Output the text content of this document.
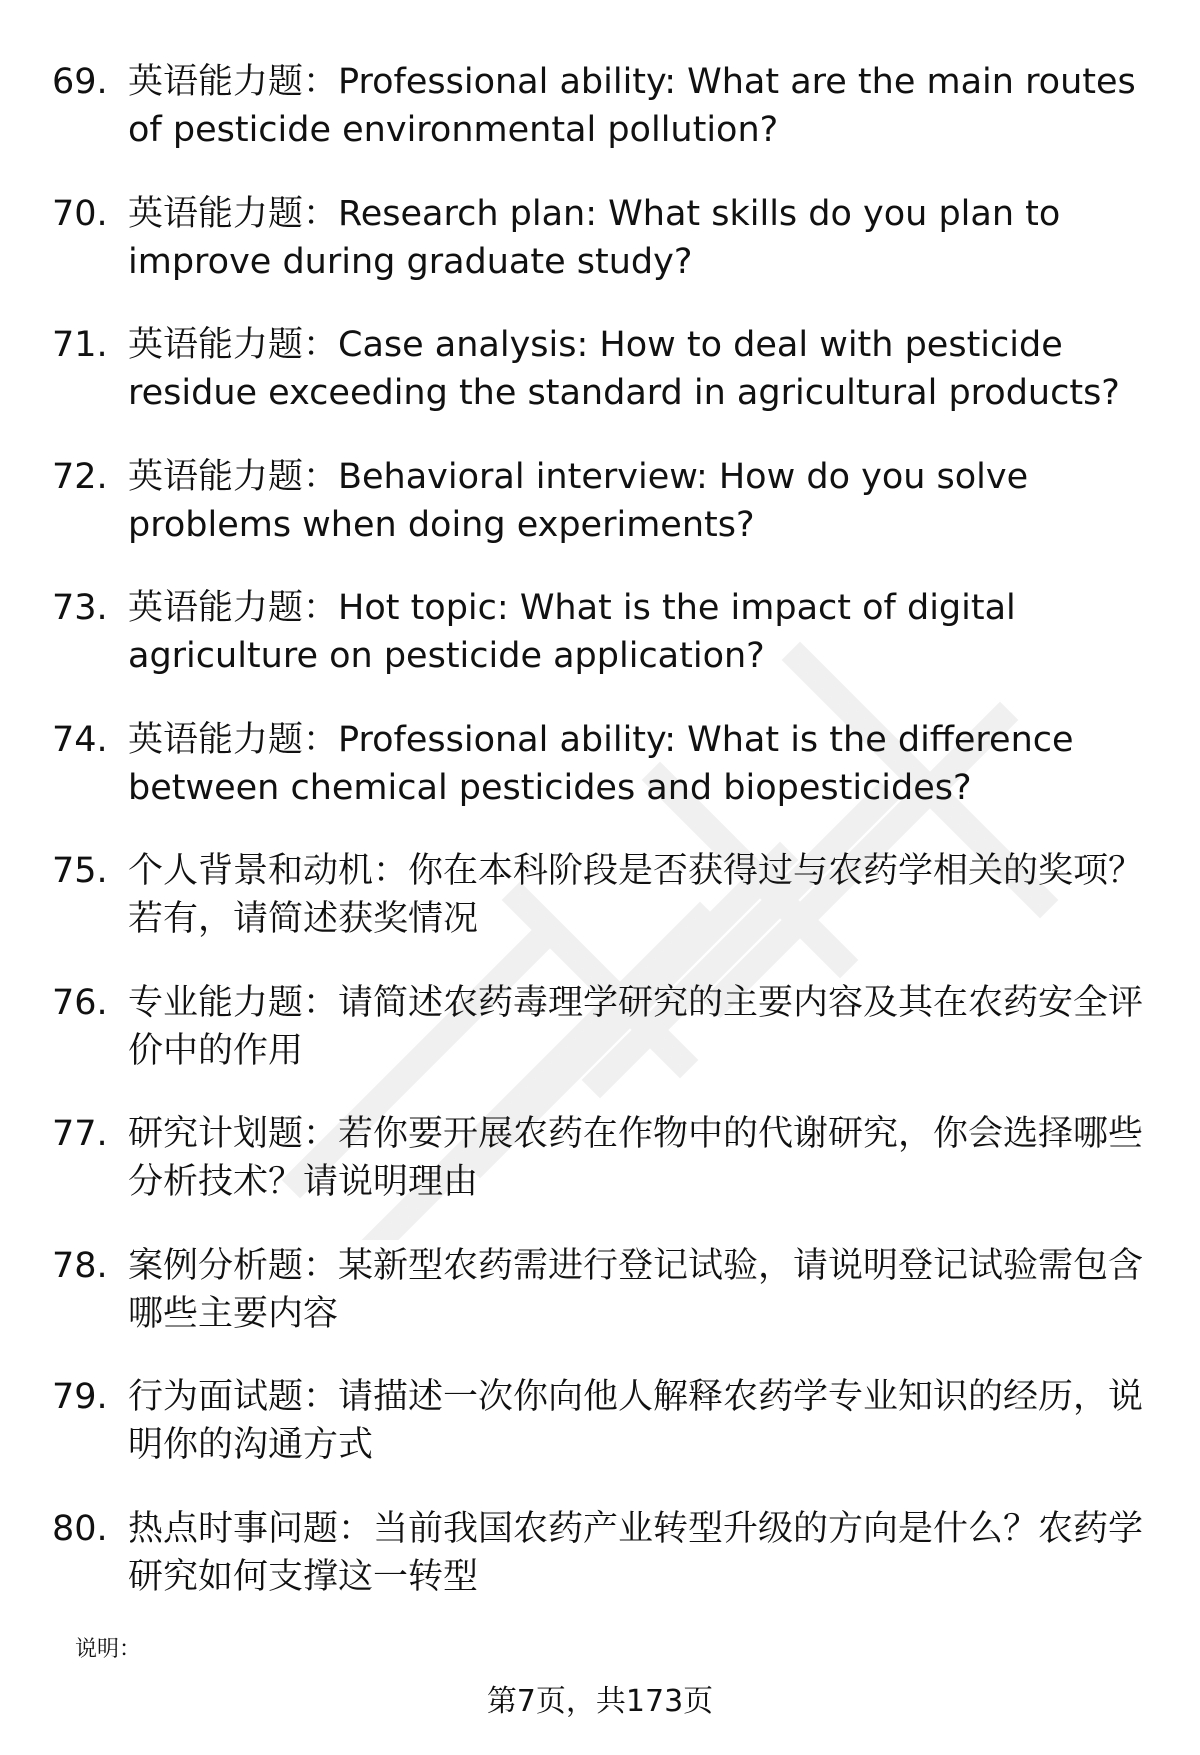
69. 英语能力题：Professional ability: What are the main routes of pesticide environmental pollution?
70. 英语能力题：Research plan: What skills do you plan to improve during graduate study?
71. 英语能力题：Case analysis: How to deal with pesticide residue exceeding the standard in agricultural products?
72. 英语能力题：Behavioral interview: How do you solve problems when doing experiments?
73. 英语能力题：Hot topic: What is the impact of digital agriculture on pesticide application?
74. 英语能力题：Professional ability: What is the difference between chemical pesticides and biopesticides?
75. 个人背景和动机：你在本科阶段是否获得过与农药学相关的奖项？若有，请简述获奖情况
76. 专业能力题：请简述农药毒理学研究的主要内容及其在农药安全评价中的作用
77. 研究计划题：若你要开展农药在作物中的代谢研究，你会选择哪些分析技术？请说明理由
78. 案例分析题：某新型农药需进行登记试验，请说明登记试验需包含哪些主要内容
79. 行为面试题：请描述一次你向他人解释农药学专业知识的经历，说明你的沟通方式
80. 热点时事问题：当前我国农药产业转型升级的方向是什么？农药学研究如何支撑这一转型
说明：
第7页，共173页
